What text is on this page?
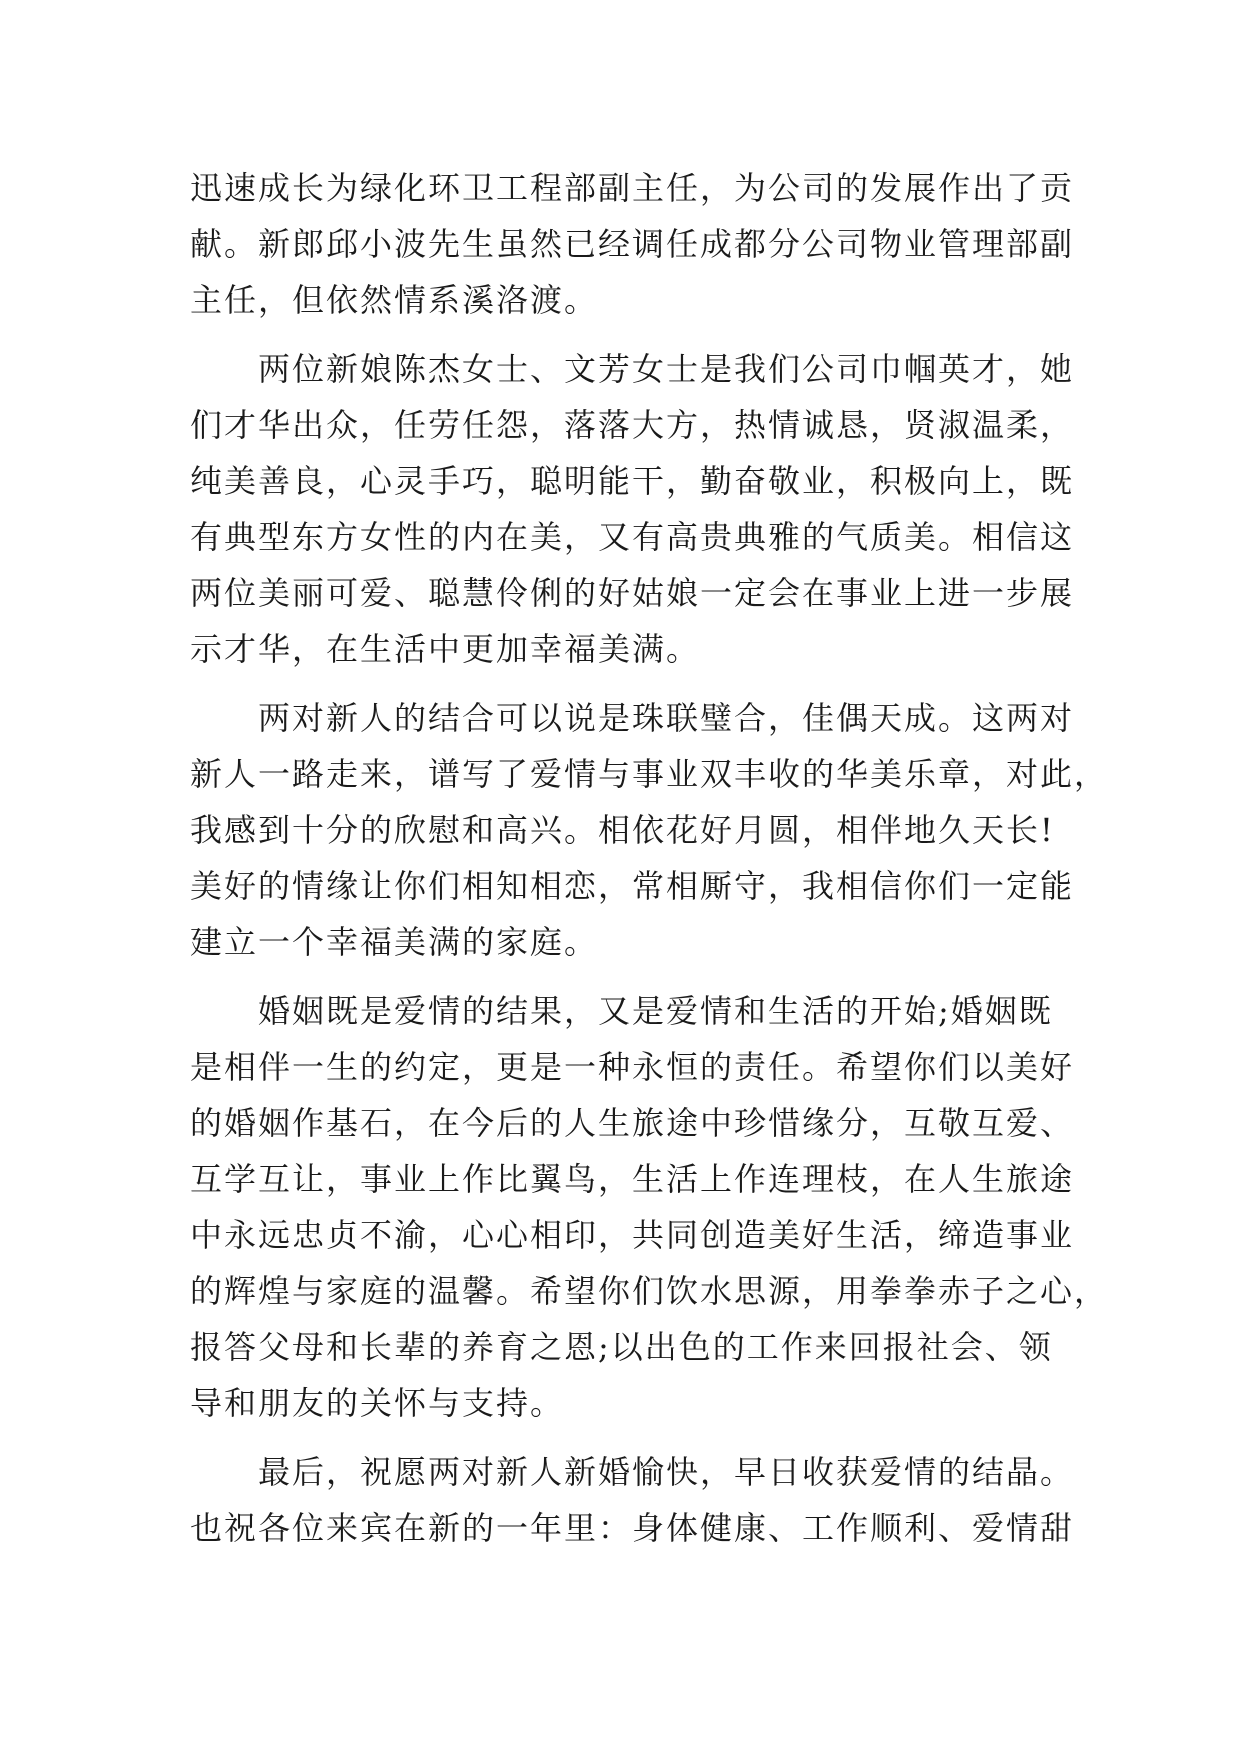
迅速成长为绿化环卫工程部副主任，为公司的发展作出了贡
献。新郎邱小波先生虽然已经调任成都分公司物业管理部副
主任，但依然情系溪洛渡。

两位新娘陈杰女士、文芳女士是我们公司巾帼英才，她
们才华出众，任劳任怨，落落大方，热情诚恳，贤淑温柔，
纯美善良，心灵手巧，聪明能干，勤奋敬业，积极向上，既
有典型东方女性的内在美，又有高贵典雅的气质美。相信这
两位美丽可爱、聪慧伶俐的好姑娘一定会在事业上进一步展
示才华，在生活中更加幸福美满。

两对新人的结合可以说是珠联璧合，佳偶天成。这两对
新人一路走来，谱写了爱情与事业双丰收的华美乐章，对此，
我感到十分的欣慰和高兴。相依花好月圆，相伴地久天长!
美好的情缘让你们相知相恋，常相厮守，我相信你们一定能
建立一个幸福美满的家庭。

婚姻既是爱情的结果，又是爱情和生活的开始;婚姻既
是相伴一生的约定，更是一种永恒的责任。希望你们以美好
的婚姻作基石，在今后的人生旅途中珍惜缘分，互敬互爱、
互学互让，事业上作比翼鸟，生活上作连理枝，在人生旅途
中永远忠贞不渝，心心相印，共同创造美好生活，缔造事业
的辉煌与家庭的温馨。希望你们饮水思源，用拳拳赤子之心，
报答父母和长辈的养育之恩;以出色的工作来回报社会、领
导和朋友的关怀与支持。

最后，祝愿两对新人新婚愉快，早日收获爱情的结晶。
也祝各位来宾在新的一年里：身体健康、工作顺利、爱情甜
